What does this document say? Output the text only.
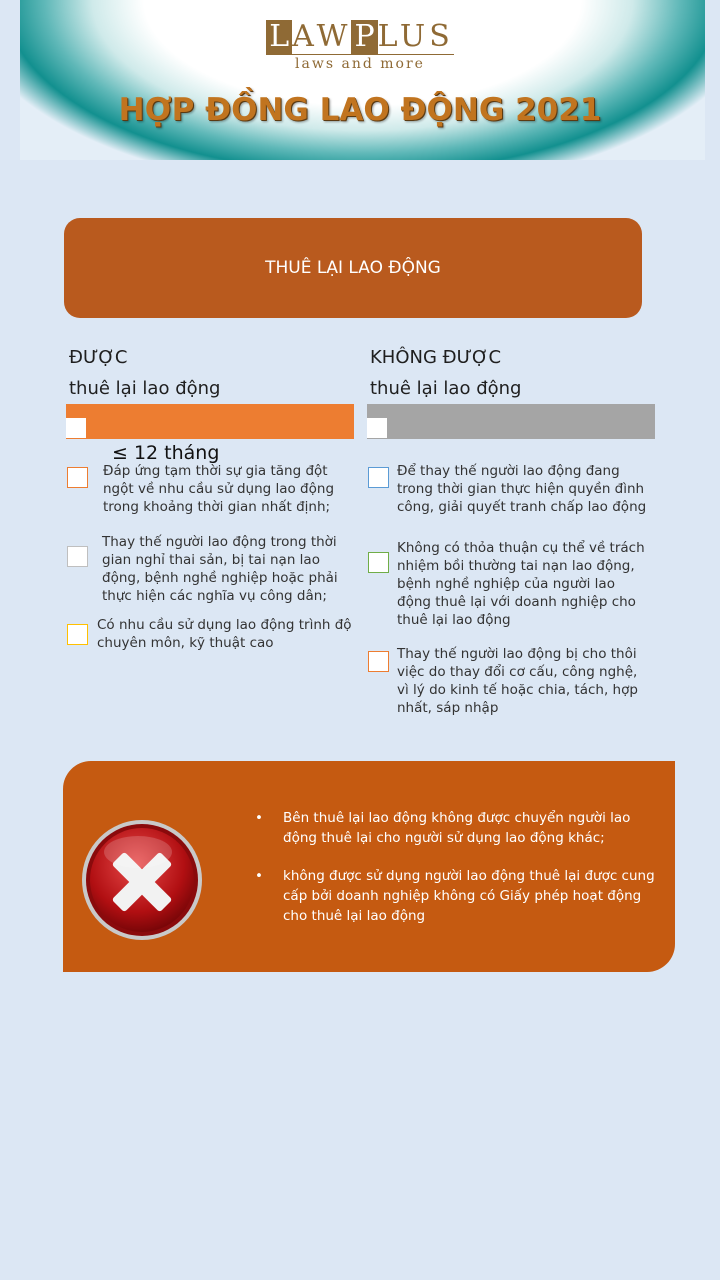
L AW P LUS
laws and more
HỢP ĐỒNG LAO ĐỘNG 2021
THUÊ LẠI LAO ĐỘNG
ĐƯỢC
thuê lại lao động
≤ 12 tháng
Đáp ứng tạm thời sự gia tăng đột ngột về nhu cầu sử dụng lao động trong khoảng thời gian nhất định;
Thay thế người lao động trong thời gian nghỉ thai sản, bị tai nạn lao động, bệnh nghề nghiệp hoặc phải thực hiện các nghĩa vụ công dân;
Có nhu cầu sử dụng lao động trình độ chuyên môn, kỹ thuật cao
KHÔNG ĐƯỢC
thuê lại lao động
Để thay thế người lao động đang trong thời gian thực hiện quyền đình công, giải quyết tranh chấp lao động
Không có thỏa thuận cụ thể về trách nhiệm bồi thường tai nạn lao động, bệnh nghề nghiệp của người lao động thuê lại với doanh nghiệp cho thuê lại lao động
Thay thế người lao động bị cho thôi việc do thay đổi cơ cấu, công nghệ, vì lý do kinh tế hoặc chia, tách, hợp nhất, sáp nhập
• Bên thuê lại lao động không được chuyển người lao động thuê lại cho người sử dụng lao động khác;
• không được sử dụng người lao động thuê lại được cung cấp bởi doanh nghiệp không có Giấy phép hoạt động cho thuê lại lao động
